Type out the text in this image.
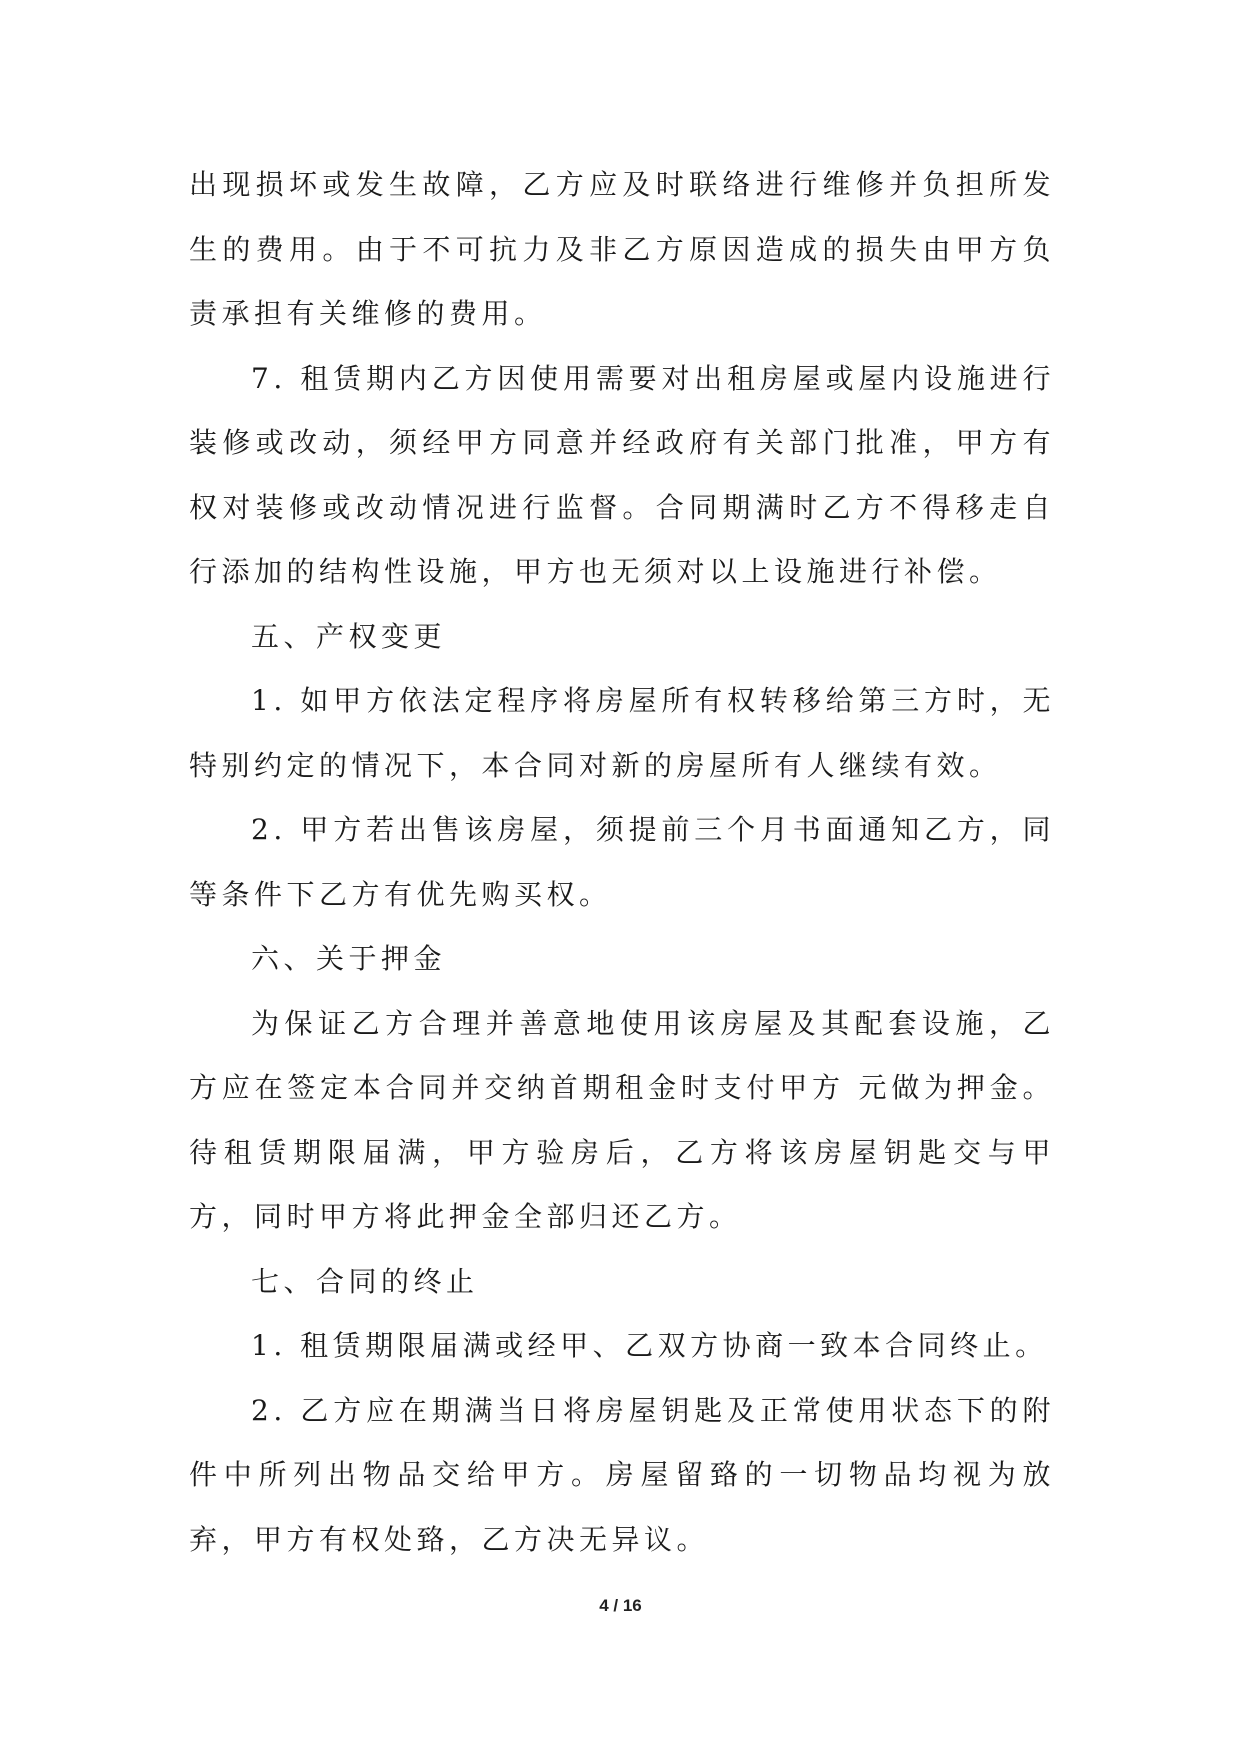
出现损坏或发生故障，乙方应及时联络进行维修并负担所发生的费用。由于不可抗力及非乙方原因造成的损失由甲方负责承担有关维修的费用。

7. 租赁期内乙方因使用需要对出租房屋或屋内设施进行装修或改动，须经甲方同意并经政府有关部门批准，甲方有权对装修或改动情况进行监督。合同期满时乙方不得移走自行添加的结构性设施，甲方也无须对以上设施进行补偿。

五、产权变更

1. 如甲方依法定程序将房屋所有权转移给第三方时，无特别约定的情况下，本合同对新的房屋所有人继续有效。

2. 甲方若出售该房屋，须提前三个月书面通知乙方，同等条件下乙方有优先购买权。

六、关于押金

为保证乙方合理并善意地使用该房屋及其配套设施，乙方应在签定本合同并交纳首期租金时支付甲方 元做为押金。待租赁期限届满，甲方验房后，乙方将该房屋钥匙交与甲方，同时甲方将此押金全部归还乙方。

七、合同的终止

1. 租赁期限届满或经甲、乙双方协商一致本合同终止。

2. 乙方应在期满当日将房屋钥匙及正常使用状态下的附件中所列出物品交给甲方。房屋留臵的一切物品均视为放弃，甲方有权处臵，乙方决无异议。

4 / 16
